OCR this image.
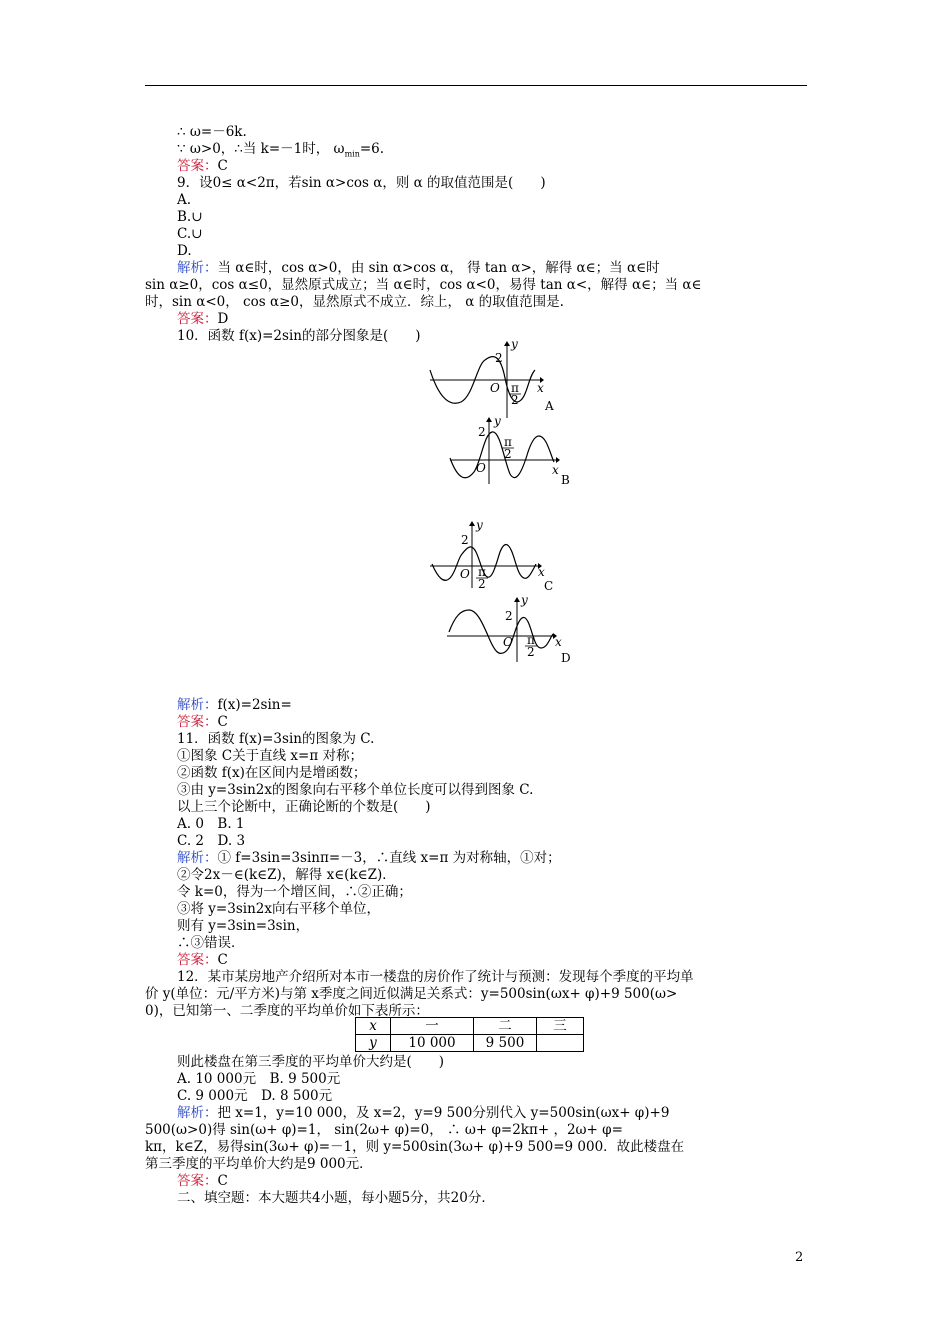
∴ ω=－6k.
∵ ω>0，∴当 k=－1时， $\omega_{min}=6$.
答案：C
9．设0≤ α<2π，若sin α>cos α，则 α 的取值范围是(　　)
A.
B.∪
C.∪
D.
解析：当 α∈时，cos α>0，由 sin α>cos α， 得 tan α>，解得 α∈；当 α∈时
sin α≥0，cos α≤0，显然原式成立；当 α∈时，cos α<0，易得 tan α<，解得 α∈；当 α∈
时，sin α<0， cos α≥0，显然原式不成立．综上， α 的取值范围是.
答案：D
10．函数 f(x)=2sin的部分图象是(　　)
2
y
O π
2
x
A
2
y
O
π
2
x
B
2
y
O π
2
x
C
2
y
O π
2
x
D
解析：f(x)=2sin=
答案：C
11．函数 f(x)=3sin的图象为 C.
①图象 C关于直线 x=π 对称；
②函数 f(x)在区间内是增函数；
③由 y=3sin2x的图象向右平移个单位长度可以得到图象 C.
以上三个论断中，正确论断的个数是(　　)
A. 0　B. 1
C. 2　D. 3
解析：① f=3sin=3sinπ=－3，∴直线 x=π 为对称轴，①对；
②令2x－∈(k∈Z)，解得 x∈(k∈Z)．
令 k=0，得为一个增区间，∴②正确；
③将 y=3sin2x向右平移个单位，
则有 y=3sin=3sin，
∴③错误．
答案：C
12．某市某房地产介绍所对本市一楼盘的房价作了统计与预测：发现每个季度的平均单
价 y(单位：元/平方米)与第 x季度之间近似满足关系式：y=500sin(ωx+ φ)+9 500(ω>
0)，已知第一、二季度的平均单价如下表所示：
x	一	二	三
y	10 000	9 500	
则此楼盘在第三季度的平均单价大约是(　　)
A. 10 000元　B. 9 500元
C. 9 000元　D. 8 500元
解析：把 x=1，y=10 000，及 x=2，y=9 500分别代入 y=500sin(ωx+ φ)+9
500(ω>0)得 sin(ω+ φ)=1， sin(2ω+ φ)=0， ∴ ω+ φ=2kπ+ ，2ω+ φ=
kπ，k∈Z，易得sin(3ω+ φ)=－1，则 y=500sin(3ω+ φ)+9 500=9 000．故此楼盘在
第三季度的平均单价大约是9 000元．
答案：C
二、填空题：本大题共4小题，每小题5分，共20分．
2
